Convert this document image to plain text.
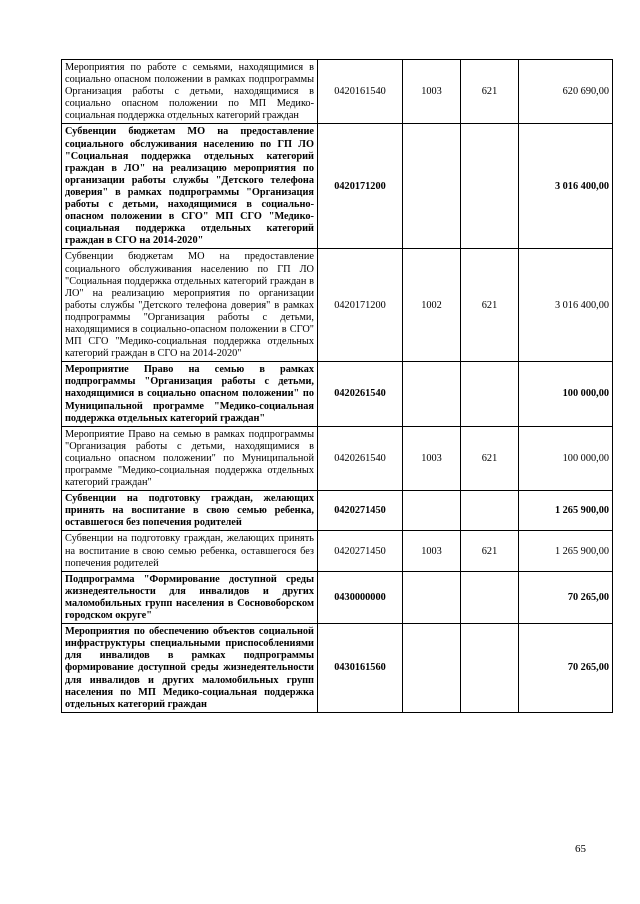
Мероприятия по работе с семьями, находящимися в социально опасном положении в рамках подпрограммы Организация работы с детьми, находящимися в социально опасном положении по МП Медико-социальная поддержка отдельных категорий граждан	0420161540	1003	621	620 690,00
Субвенции бюджетам МО на предоставление социального обслуживания населению по ГП ЛО "Социальная поддержка отдельных категорий граждан в ЛО" на реализацию мероприятия по организации работы службы "Детского телефона доверия" в рамках подпрограммы "Организация работы с детьми, находящимися в социально-опасном положении в СГО" МП СГО "Медико-социальная поддержка отдельных категорий граждан в СГО на 2014-2020"	0420171200			3 016 400,00
Субвенции бюджетам МО на предоставление социального обслуживания населению по ГП ЛО "Социальная поддержка отдельных категорий граждан в ЛО" на реализацию мероприятия по организации работы службы "Детского телефона доверия" в рамках подпрограммы "Организация работы с детьми, находящимися в социально-опасном положении в СГО" МП СГО "Медико-социальная поддержка отдельных категорий граждан в СГО на 2014-2020"	0420171200	1002	621	3 016 400,00
Мероприятие Право на семью в рамках подпрограммы "Организация работы с детьми, находящимися в социально опасном положении" по Муниципальной программе "Медико-социальная поддержка отдельных категорий граждан"	0420261540			100 000,00
Мероприятие Право на семью в рамках подпрограммы "Организация работы с детьми, находящимися в социально опасном положении" по Муниципальной программе "Медико-социальная поддержка отдельных категорий граждан"	0420261540	1003	621	100 000,00
Субвенции на подготовку граждан, желающих принять на воспитание в свою семью ребенка, оставшегося без попечения родителей	0420271450			1 265 900,00
Субвенции на подготовку граждан, желающих принять на воспитание в свою семью ребенка, оставшегося без попечения родителей	0420271450	1003	621	1 265 900,00
Подпрограмма "Формирование доступной среды жизнедеятельности для инвалидов и других маломобильных групп населения в Сосновоборском городском округе"	0430000000			70 265,00
Мероприятия по обеспечению объектов социальной инфраструктуры специальными приспособлениями для инвалидов в рамках подпрограммы формирование доступной среды жизнедеятельности для инвалидов и других маломобильных групп населения по МП Медико-социальная поддержка отдельных категорий граждан	0430161560			70 265,00
65
